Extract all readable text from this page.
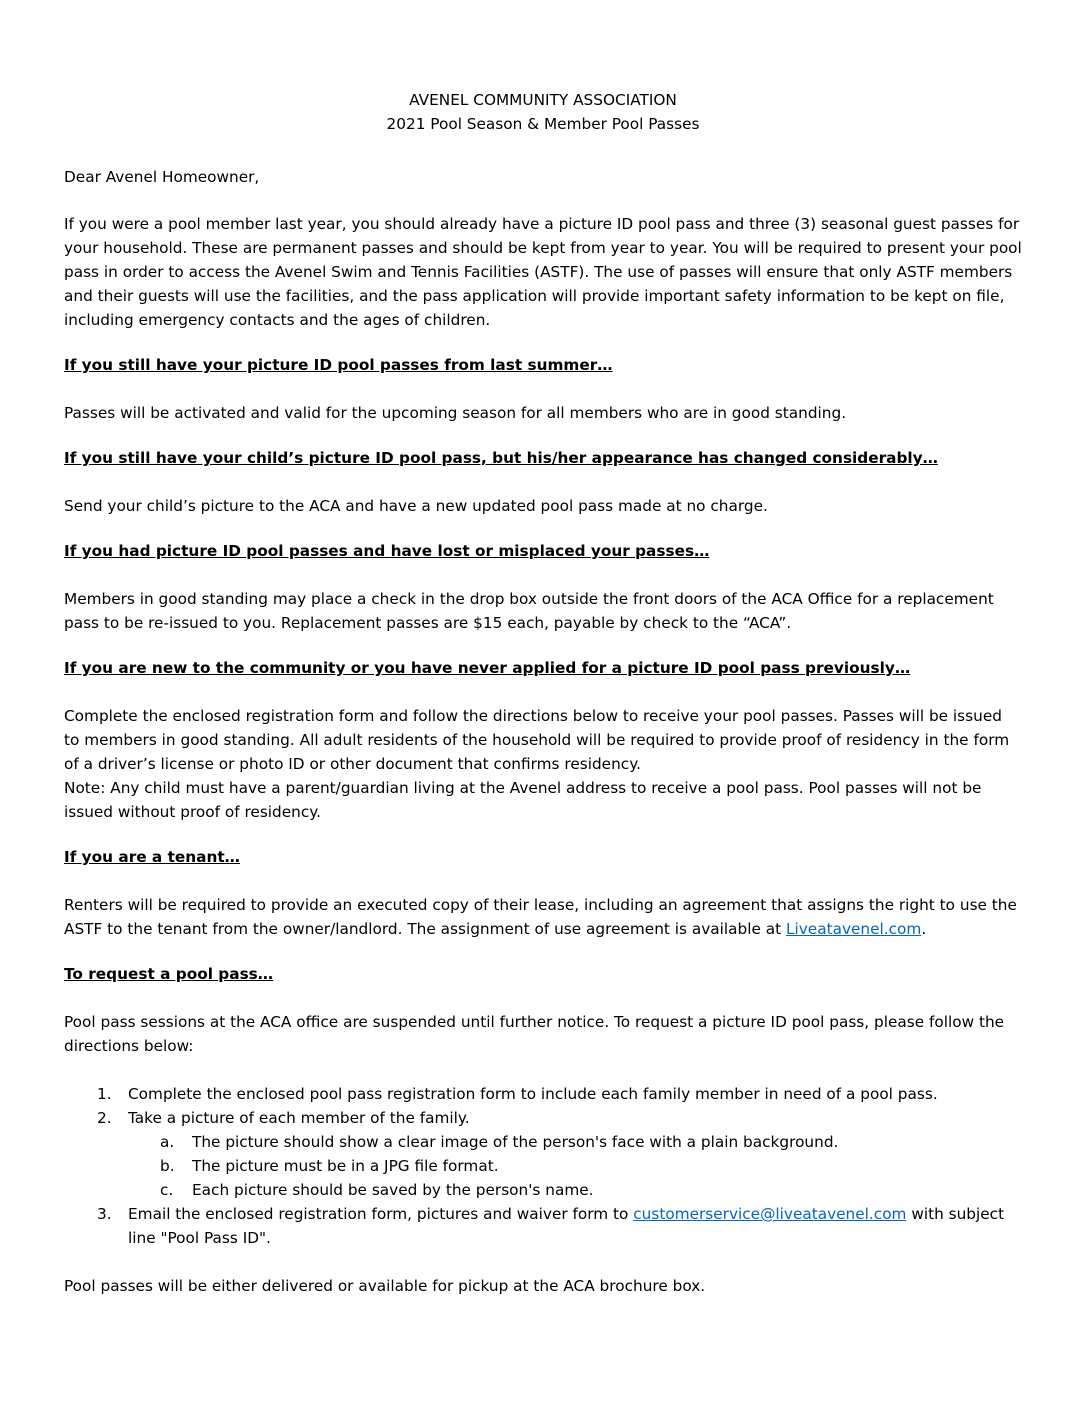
AVENEL COMMUNITY ASSOCIATION

2021 Pool Season & Member Pool Passes

Dear Avenel Homeowner,

If you were a pool member last year, you should already have a picture ID pool pass and three (3) seasonal guest passes for your household. These are permanent passes and should be kept from year to year. You will be required to present your pool pass in order to access the Avenel Swim and Tennis Facilities (ASTF). The use of passes will ensure that only ASTF members and their guests will use the facilities, and the pass application will provide important safety information to be kept on file, including emergency contacts and the ages of children.

If you still have your picture ID pool passes from last summer…

Passes will be activated and valid for the upcoming season for all members who are in good standing.

If you still have your child’s picture ID pool pass, but his/her appearance has changed considerably…

Send your child’s picture to the ACA and have a new updated pool pass made at no charge.

If you had picture ID pool passes and have lost or misplaced your passes…

Members in good standing may place a check in the drop box outside the front doors of the ACA Office for a replacement pass to be re-issued to you. Replacement passes are $15 each, payable by check to the “ACA”.

If you are new to the community or you have never applied for a picture ID pool pass previously…

Complete the enclosed registration form and follow the directions below to receive your pool passes. Passes will be issued to members in good standing. All adult residents of the household will be required to provide proof of residency in the form of a driver’s license or photo ID or other document that confirms residency.

Note: Any child must have a parent/guardian living at the Avenel address to receive a pool pass. Pool passes will not be issued without proof of residency.

If you are a tenant…

Renters will be required to provide an executed copy of their lease, including an agreement that assigns the right to use the ASTF to the tenant from the owner/landlord. The assignment of use agreement is available at Liveatavenel.com.

To request a pool pass…

Pool pass sessions at the ACA office are suspended until further notice. To request a picture ID pool pass, please follow the directions below:

1. Complete the enclosed pool pass registration form to include each family member in need of a pool pass.
2. Take a picture of each member of the family.
a. The picture should show a clear image of the person's face with a plain background.
b. The picture must be in a JPG file format.
c. Each picture should be saved by the person's name.
3. Email the enclosed registration form, pictures and waiver form to customerservice@liveatavenel.com with subject line "Pool Pass ID".

Pool passes will be either delivered or available for pickup at the ACA brochure box.
